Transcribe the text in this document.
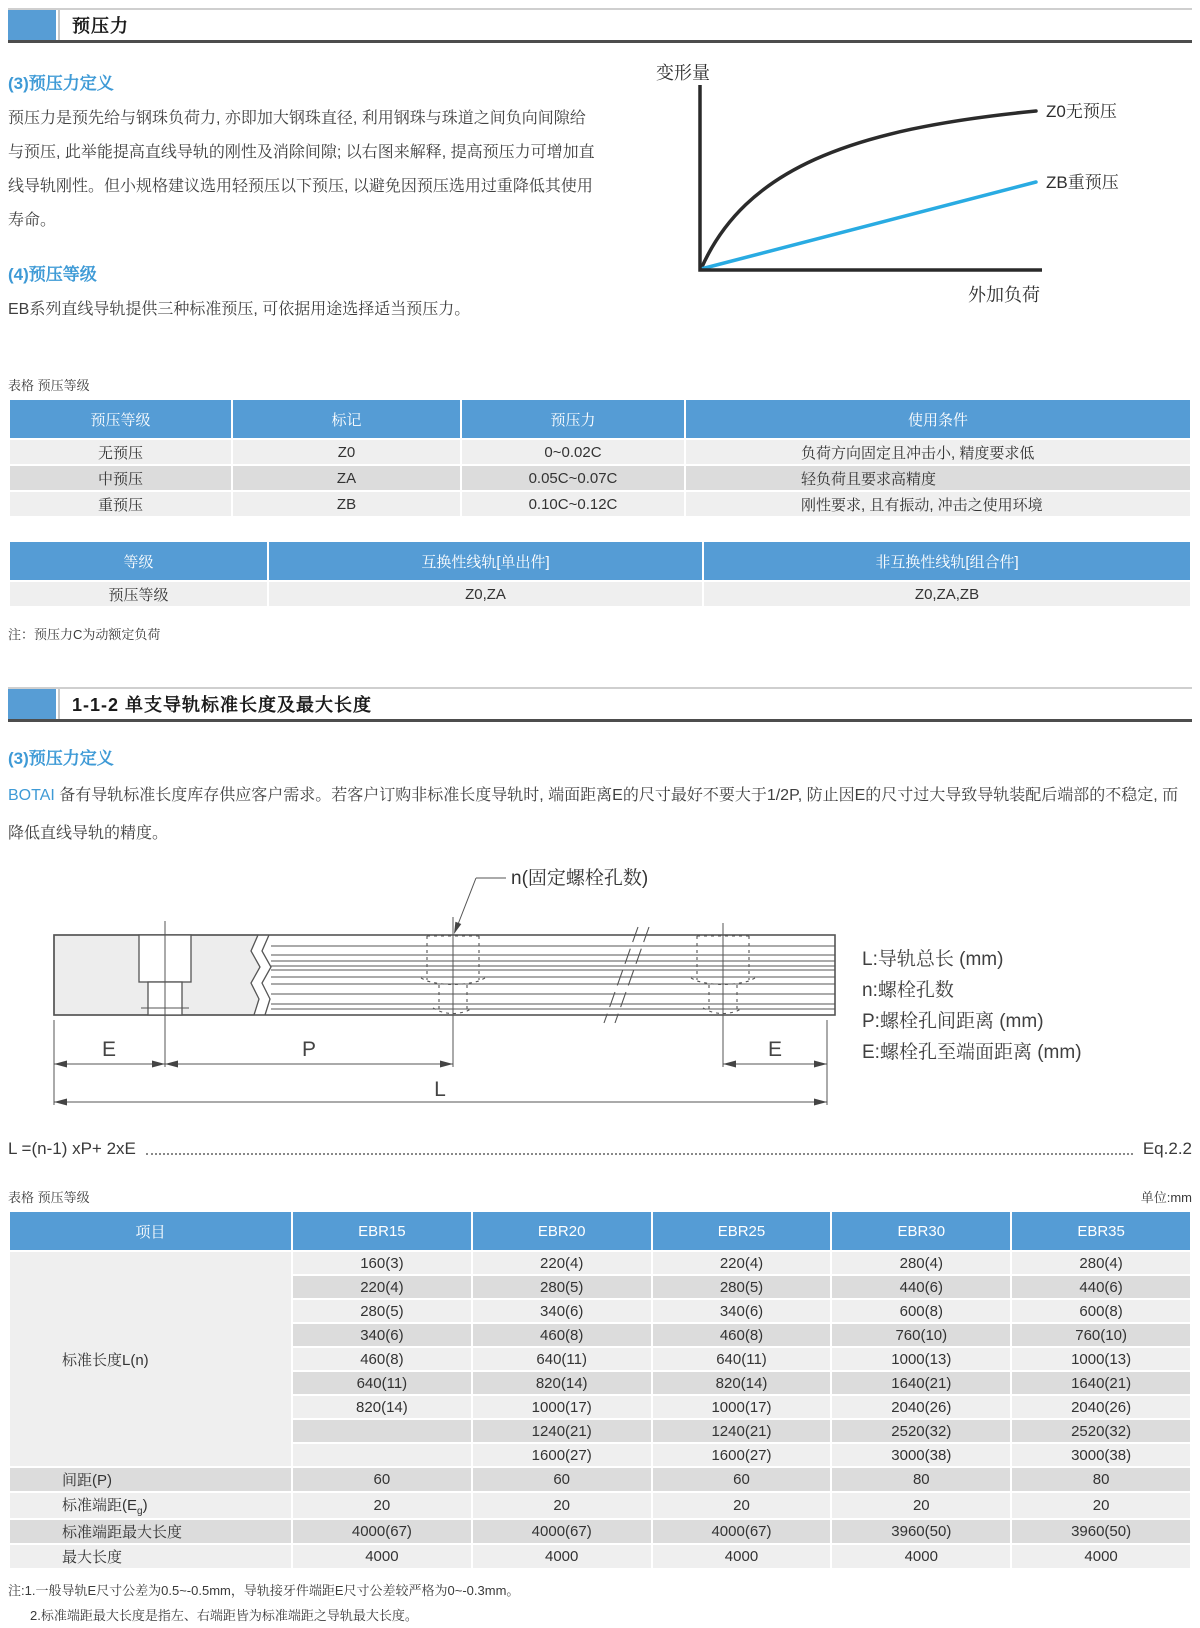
预压力
(3)预压力定义

预压力是预先给与钢珠负荷力, 亦即加大钢珠直径, 利用钢珠与珠道之间负向间隙给与预压, 此举能提高直线导轨的刚性及消除间隙; 以右图来解释, 提高预压力可增加直线导轨刚性。但小规格建议选用轻预压以下预压, 以避免因预压选用过重降低其使用寿命。

(4)预压等级

EB系列直线导轨提供三种标准预压, 可依据用途选择适当预压力。

变形量
Z0无预压
ZB重预压
外加负荷
表格 预压等级
预压等级	标记	预压力	使用条件
无预压	Z0	0~0.02C	负荷方向固定且冲击小, 精度要求低
中预压	ZA	0.05C~0.07C	轻负荷且要求高精度
重预压	ZB	0.10C~0.12C	刚性要求, 且有振动, 冲击之使用环境
等级	互换性线轨[单出件]	非互换性线轨[组合件]
预压等级	Z0,ZA	Z0,ZA,ZB
注：预压力C为动额定负荷
1-1-2 单支导轨标准长度及最大长度
(3)预压力定义

BOTAI 备有导轨标准长度库存供应客户需求。若客户订购非标准长度导轨时, 端面距离E的尺寸最好不要大于1/2P, 防止因E的尺寸过大导致导轨装配后端部的不稳定, 而降低直线导轨的精度。

n(固定螺栓孔数)
E	P	E
L
L:导轨总长 (mm)
n:螺栓孔数
P:螺栓孔间距离 (mm)
E:螺栓孔至端面距离 (mm)
L =(n-1) xP+ 2xE	Eq.2.2
表格 预压等级	单位:mm
项目	EBR15	EBR20	EBR25	EBR30	EBR35
标准长度L(n)	160(3)	220(4)	220(4)	280(4)	280(4)
	220(4)	280(5)	280(5)	440(6)	440(6)
	280(5)	340(6)	340(6)	600(8)	600(8)
	340(6)	460(8)	460(8)	760(10)	760(10)
	460(8)	640(11)	640(11)	1000(13)	1000(13)
	640(11)	820(14)	820(14)	1640(21)	1640(21)
	820(14)	1000(17)	1000(17)	2040(26)	2040(26)
		1240(21)	1240(21)	2520(32)	2520(32)
		1600(27)	1600(27)	3000(38)	3000(38)
间距(P)	60	60	60	80	80
标准端距$(E_g)$	20	20	20	20	20
标准端距最大长度	4000(67)	4000(67)	4000(67)	3960(50)	3960(50)
最大长度	4000	4000	4000	4000	4000
注:1.一般导轨E尺寸公差为0.5~-0.5mm，导轨接牙件端距E尺寸公差较严格为0~-0.3mm。
2.标准端距最大长度是指左、右端距皆为标准端距之导轨最大长度。
